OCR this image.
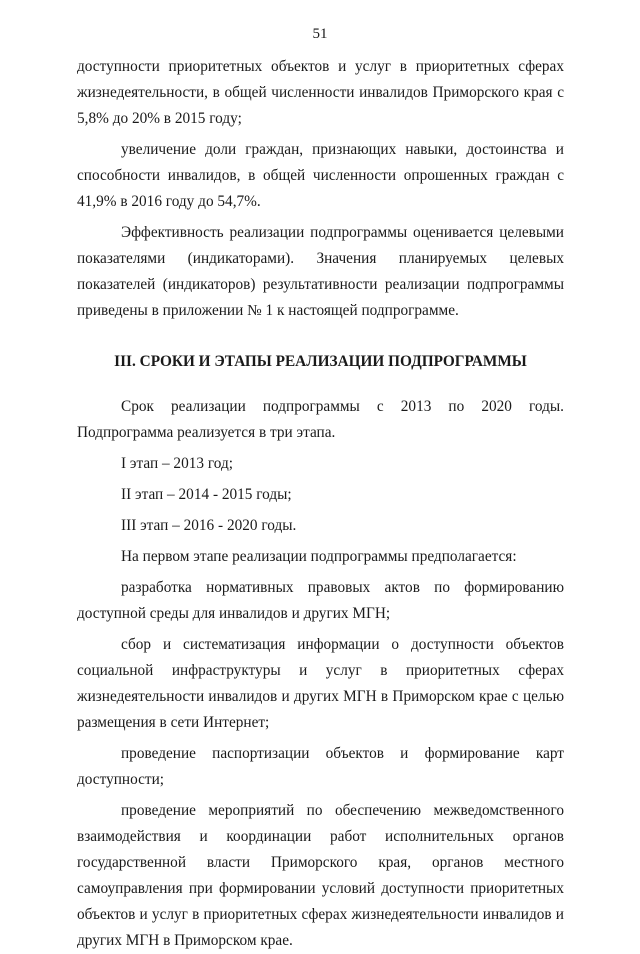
51

доступности приоритетных объектов и услуг в приоритетных сферах жизнедеятельности, в общей численности инвалидов Приморского края с 5,8% до 20% в 2015 году;

увеличение доли граждан, признающих навыки, достоинства и способности инвалидов, в общей численности опрошенных граждан с 41,9% в 2016 году до 54,7%.

Эффективность реализации подпрограммы оценивается целевыми показателями (индикаторами). Значения планируемых целевых показателей (индикаторов) результативности реализации подпрограммы приведены в приложении № 1 к настоящей подпрограмме.

III. СРОКИ И ЭТАПЫ РЕАЛИЗАЦИИ ПОДПРОГРАММЫ

Срок реализации подпрограммы с 2013 по 2020 годы. Подпрограмма реализуется в три этапа.

I этап – 2013 год;

II этап – 2014 - 2015 годы;

III этап – 2016 - 2020 годы.

На первом этапе реализации подпрограммы предполагается:

разработка нормативных правовых актов по формированию доступной среды для инвалидов и других МГН;

сбор и систематизация информации о доступности объектов социальной инфраструктуры и услуг в приоритетных сферах жизнедеятельности инвалидов и других МГН в Приморском крае с целью размещения в сети Интернет;

проведение паспортизации объектов и формирование карт доступности;

проведение мероприятий по обеспечению межведомственного взаимодействия и координации работ исполнительных органов государственной власти Приморского края, органов местного самоуправления при формировании условий доступности приоритетных объектов и услуг в приоритетных сферах жизнедеятельности инвалидов и других МГН в Приморском крае.
